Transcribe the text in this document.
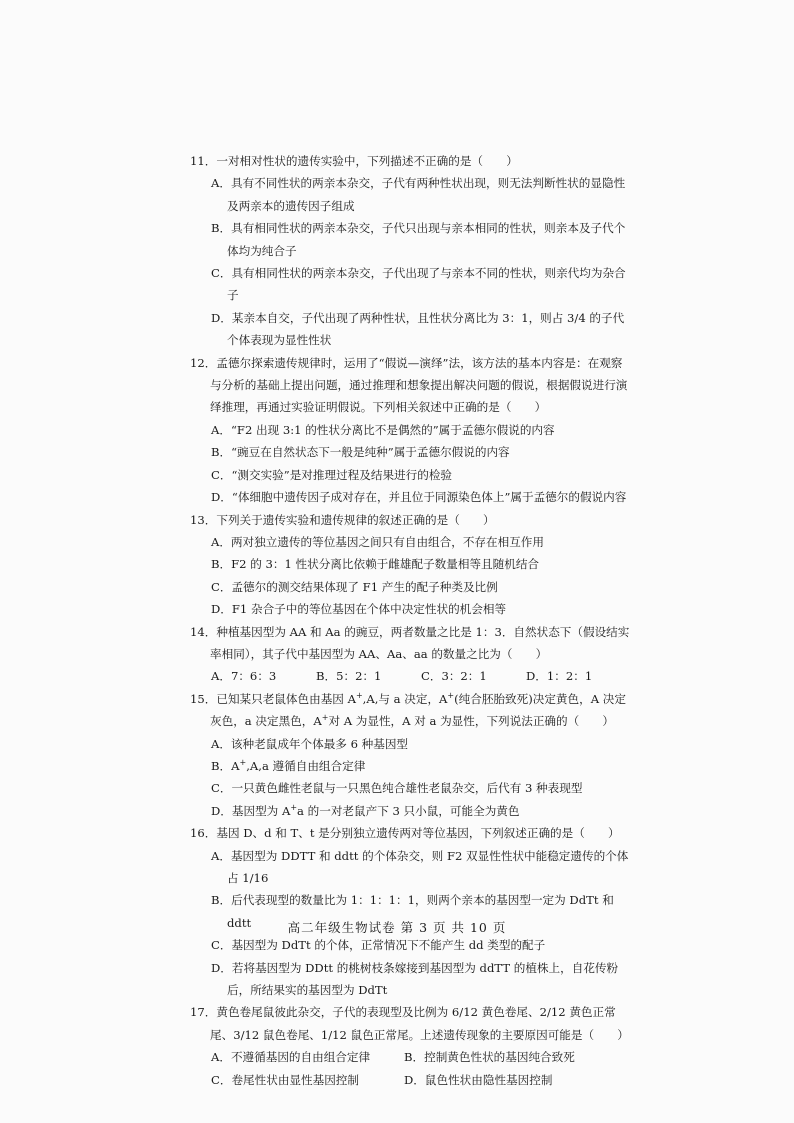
11．一对相对性状的遗传实验中，下列描述不正确的是（　　）
A．具有不同性状的两亲本杂交，子代有两种性状出现，则无法判断性状的显隐性及两亲本的遗传因子组成
B．具有相同性状的两亲本杂交，子代只出现与亲本相同的性状，则亲本及子代个体均为纯合子
C．具有相同性状的两亲本杂交，子代出现了与亲本不同的性状，则亲代均为杂合子
D．某亲本自交，子代出现了两种性状，且性状分离比为 3：1，则占 3/4 的子代个体表现为显性性状
12．孟德尔探索遗传规律时，运用了“假说—演绎”法，该方法的基本内容是：在观察与分析的基础上提出问题，通过推理和想象提出解决问题的假说，根据假说进行演绎推理，再通过实验证明假说。下列相关叙述中正确的是（　　）
A．“F2 出现 3:1 的性状分离比不是偶然的”属于孟德尔假说的内容
B．“豌豆在自然状态下一般是纯种”属于孟德尔假说的内容
C．“测交实验”是对推理过程及结果进行的检验
D．“体细胞中遗传因子成对存在，并且位于同源染色体上”属于孟德尔的假说内容
13．下列关于遗传实验和遗传规律的叙述正确的是（　　）
A．两对独立遗传的等位基因之间只有自由组合，不存在相互作用
B．F2 的 3：1 性状分离比依赖于雌雄配子数量相等且随机结合
C．孟德尔的测交结果体现了 F1 产生的配子种类及比例
D．F1 杂合子中的等位基因在个体中决定性状的机会相等
14．种植基因型为 AA 和 Aa 的豌豆，两者数量之比是 1：3．自然状态下（假设结实率相同），其子代中基因型为 AA、Aa、aa 的数量之比为（　　）
A．7：6：3	B．5：2：1	C．3：2：1	D．1：2：1
15．已知某只老鼠体色由基因 A+,A,与 a 决定，A+(纯合胚胎致死)决定黄色，A 决定灰色，a 决定黑色，A+对 A 为显性，A 对 a 为显性，下列说法正确的（　　）
A．该种老鼠成年个体最多 6 种基因型
B．A+,A,a 遵循自由组合定律
C．一只黄色雌性老鼠与一只黑色纯合雄性老鼠杂交，后代有 3 种表现型
D．基因型为 A+a 的一对老鼠产下 3 只小鼠，可能全为黄色
16．基因 D、d 和 T、t 是分别独立遗传两对等位基因，下列叙述正确的是（　　）
A．基因型为 DDTT 和 ddtt 的个体杂交，则 F2 双显性性状中能稳定遗传的个体占 1/16
B．后代表现型的数量比为 1：1：1：1，则两个亲本的基因型一定为 DdTt 和 ddtt
C．基因型为 DdTt 的个体，正常情况下不能产生 dd 类型的配子
D．若将基因型为 DDtt 的桃树枝条嫁接到基因型为 ddTT 的植株上，自花传粉后，所结果实的基因型为 DdTt
17．黄色卷尾鼠彼此杂交，子代的表现型及比例为 6/12 黄色卷尾、2/12 黄色正常尾、3/12 鼠色卷尾、1/12 鼠色正常尾。上述遗传现象的主要原因可能是（　　）
A．不遵循基因的自由组合定律	B．控制黄色性状的基因纯合致死
C．卷尾性状由显性基因控制	D．鼠色性状由隐性基因控制
高二年级生物试卷 第 3 页 共 10 页
